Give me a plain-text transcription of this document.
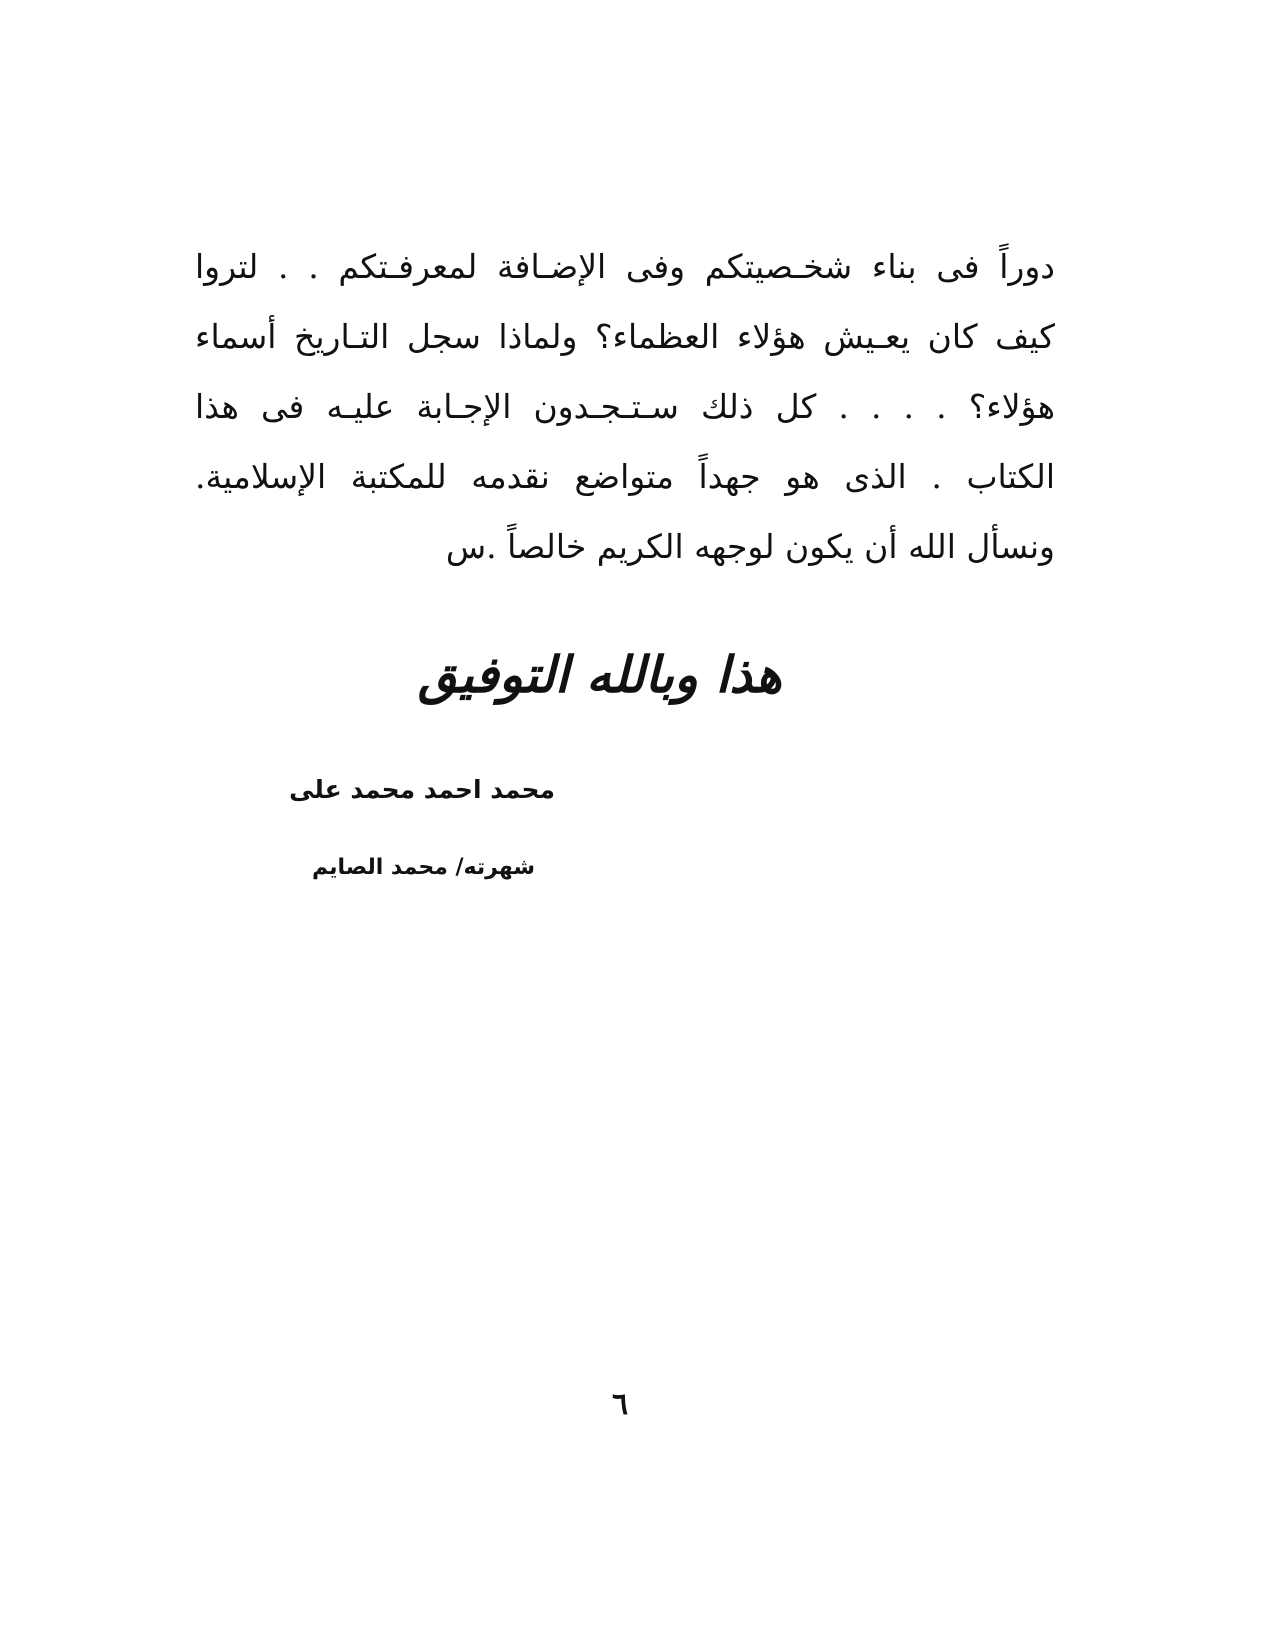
دوراً فى بناء شخـصيتكم وفى الإضـافة لمعرفـتكم . . لتروا
كيف كان يعـيش هؤلاء العظماء؟ ولماذا سجل التـاريخ أسماء
هؤلاء؟ . . . . كل ذلك سـتـجـدون الإجـابة عليـه فى هذا
الكتاب . الذى هو جهداً متواضع نقدمه للمكتبة الإسلامية.
ونسأل الله أن يكون لوجهه الكريم خالصاً .س
هذا وبالله التوفيق
محمد احمد محمد على
شهرته/ محمد الصايم
٦
